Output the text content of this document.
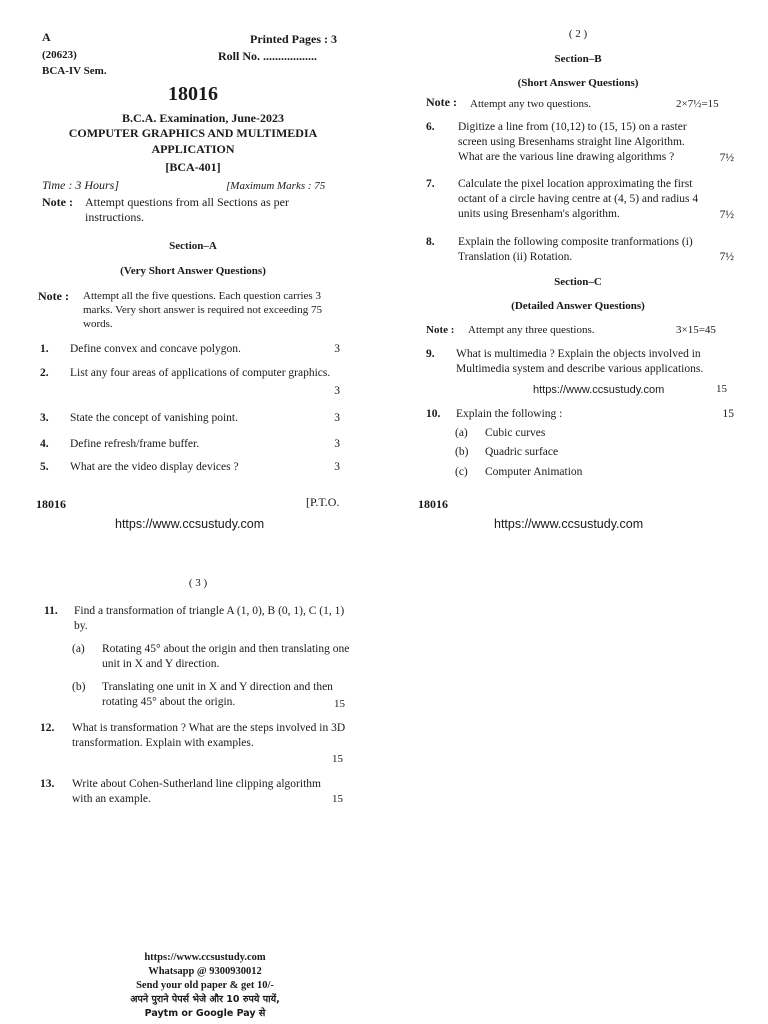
A	Printed Pages : 3
(20623)	Roll No. ..................
BCA-IV Sem.
18016
B.C.A. Examination, June-2023
COMPUTER GRAPHICS AND MULTIMEDIA
APPLICATION
[BCA-401]
Time : 3 Hours]	[Maximum Marks : 75
Note : Attempt questions from all Sections as per instructions.
Section–A
(Very Short Answer Questions)
Note : Attempt all the five questions. Each question carries 3 marks. Very short answer is required not exceeding 75 words.
1. Define convex and concave polygon.	3
2. List any four areas of applications of computer graphics.
3
3. State the concept of vanishing point.	3
4. Define refresh/frame buffer.	3
5. What are the video display devices ?	3
18016	[P.T.O.
https://www.ccsustudy.com
( 2 )
Section–B
(Short Answer Questions)
Note : Attempt any two questions.	2×7½=15
6. Digitize a line from (10,12) to (15, 15) on a raster screen using Bresenhams straight line Algorithm. What are the various line drawing algorithms ?	7½
7. Calculate the pixel location approximating the first octant of a circle having centre at (4, 5) and radius 4 units using Bresenham's algorithm.	7½
8. Explain the following composite tranformations (i) Translation (ii) Rotation.	7½
Section–C
(Detailed Answer Questions)
Note : Attempt any three questions.	3×15=45
9. What is multimedia ? Explain the objects involved in Multimedia system and describe various applications.
https://www.ccsustudy.com	15
10. Explain the following :	15
(a) Cubic curves
(b) Quadric surface
(c) Computer Animation
18016
https://www.ccsustudy.com
( 3 )
11. Find a transformation of triangle A (1, 0), B (0, 1), C (1, 1) by.
(a) Rotating 45° about the origin and then translating one unit in X and Y direction.
(b) Translating one unit in X and Y direction and then rotating 45° about the origin.	15
12. What is transformation ? What are the steps involved in 3D transformation. Explain with examples.
15
13. Write about Cohen-Sutherland line clipping algorithm with an example.	15
https://www.ccsustudy.com
Whatsapp @ 9300930012
Send your old paper & get 10/-
अपने पुराने पेपर्स भेजे और 10 रुपये पायें,
Paytm or Google Pay से
